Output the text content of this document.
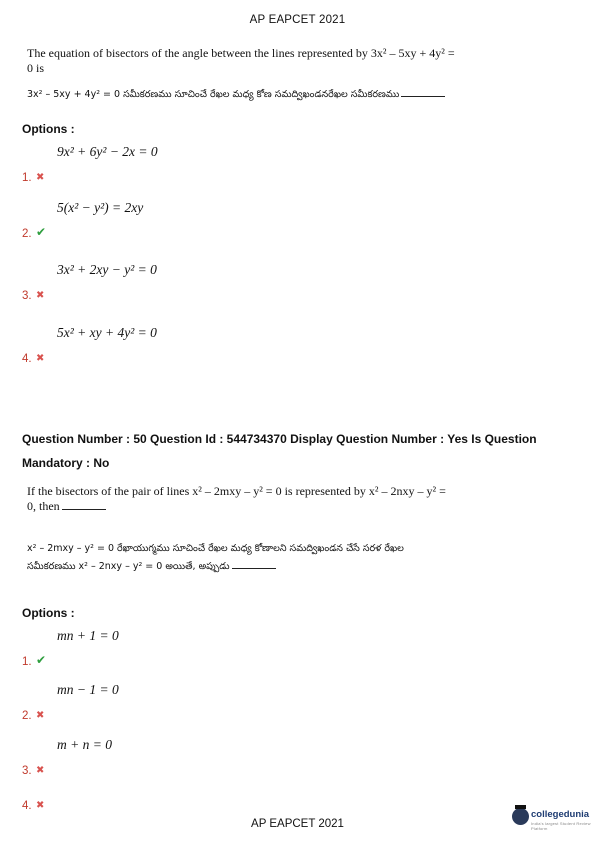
AP EAPCET 2021
The equation of bisectors of the angle between the lines represented by 3x² – 5xy + 4y² = 0 is
3x² – 5xy + 4y² = 0 సమీకరణము సూచించే రేఖల మధ్య కోణ సమద్విఖండనరేఖల సమీకరణము
Options :
1. ✖
9x² + 6y² − 2x = 0
2. ✔
5(x² − y²) = 2xy
3. ✖
3x² + 2xy − y² = 0
4. ✖
5x² + xy + 4y² = 0
Question Number : 50 Question Id : 544734370 Display Question Number : Yes Is Question
Mandatory : No
If the bisectors of the pair of lines x² – 2mxy – y² = 0 is represented by x² – 2nxy – y² = 0, then
x² – 2mxy – y² = 0 రేఖాయుగ్మము సూచించే రేఖల మధ్య కోణాలని సమద్విఖండన చేసే సరళ రేఖల సమీకరణము x² – 2nxy – y² = 0 అయితే, అప్పుడు
Options :
1. ✔
mn + 1 = 0
2. ✖
mn − 1 = 0
3. ✖
m + n = 0
4. ✖
AP EAPCET 2021
collegedunia
India's largest Student Review Platform
